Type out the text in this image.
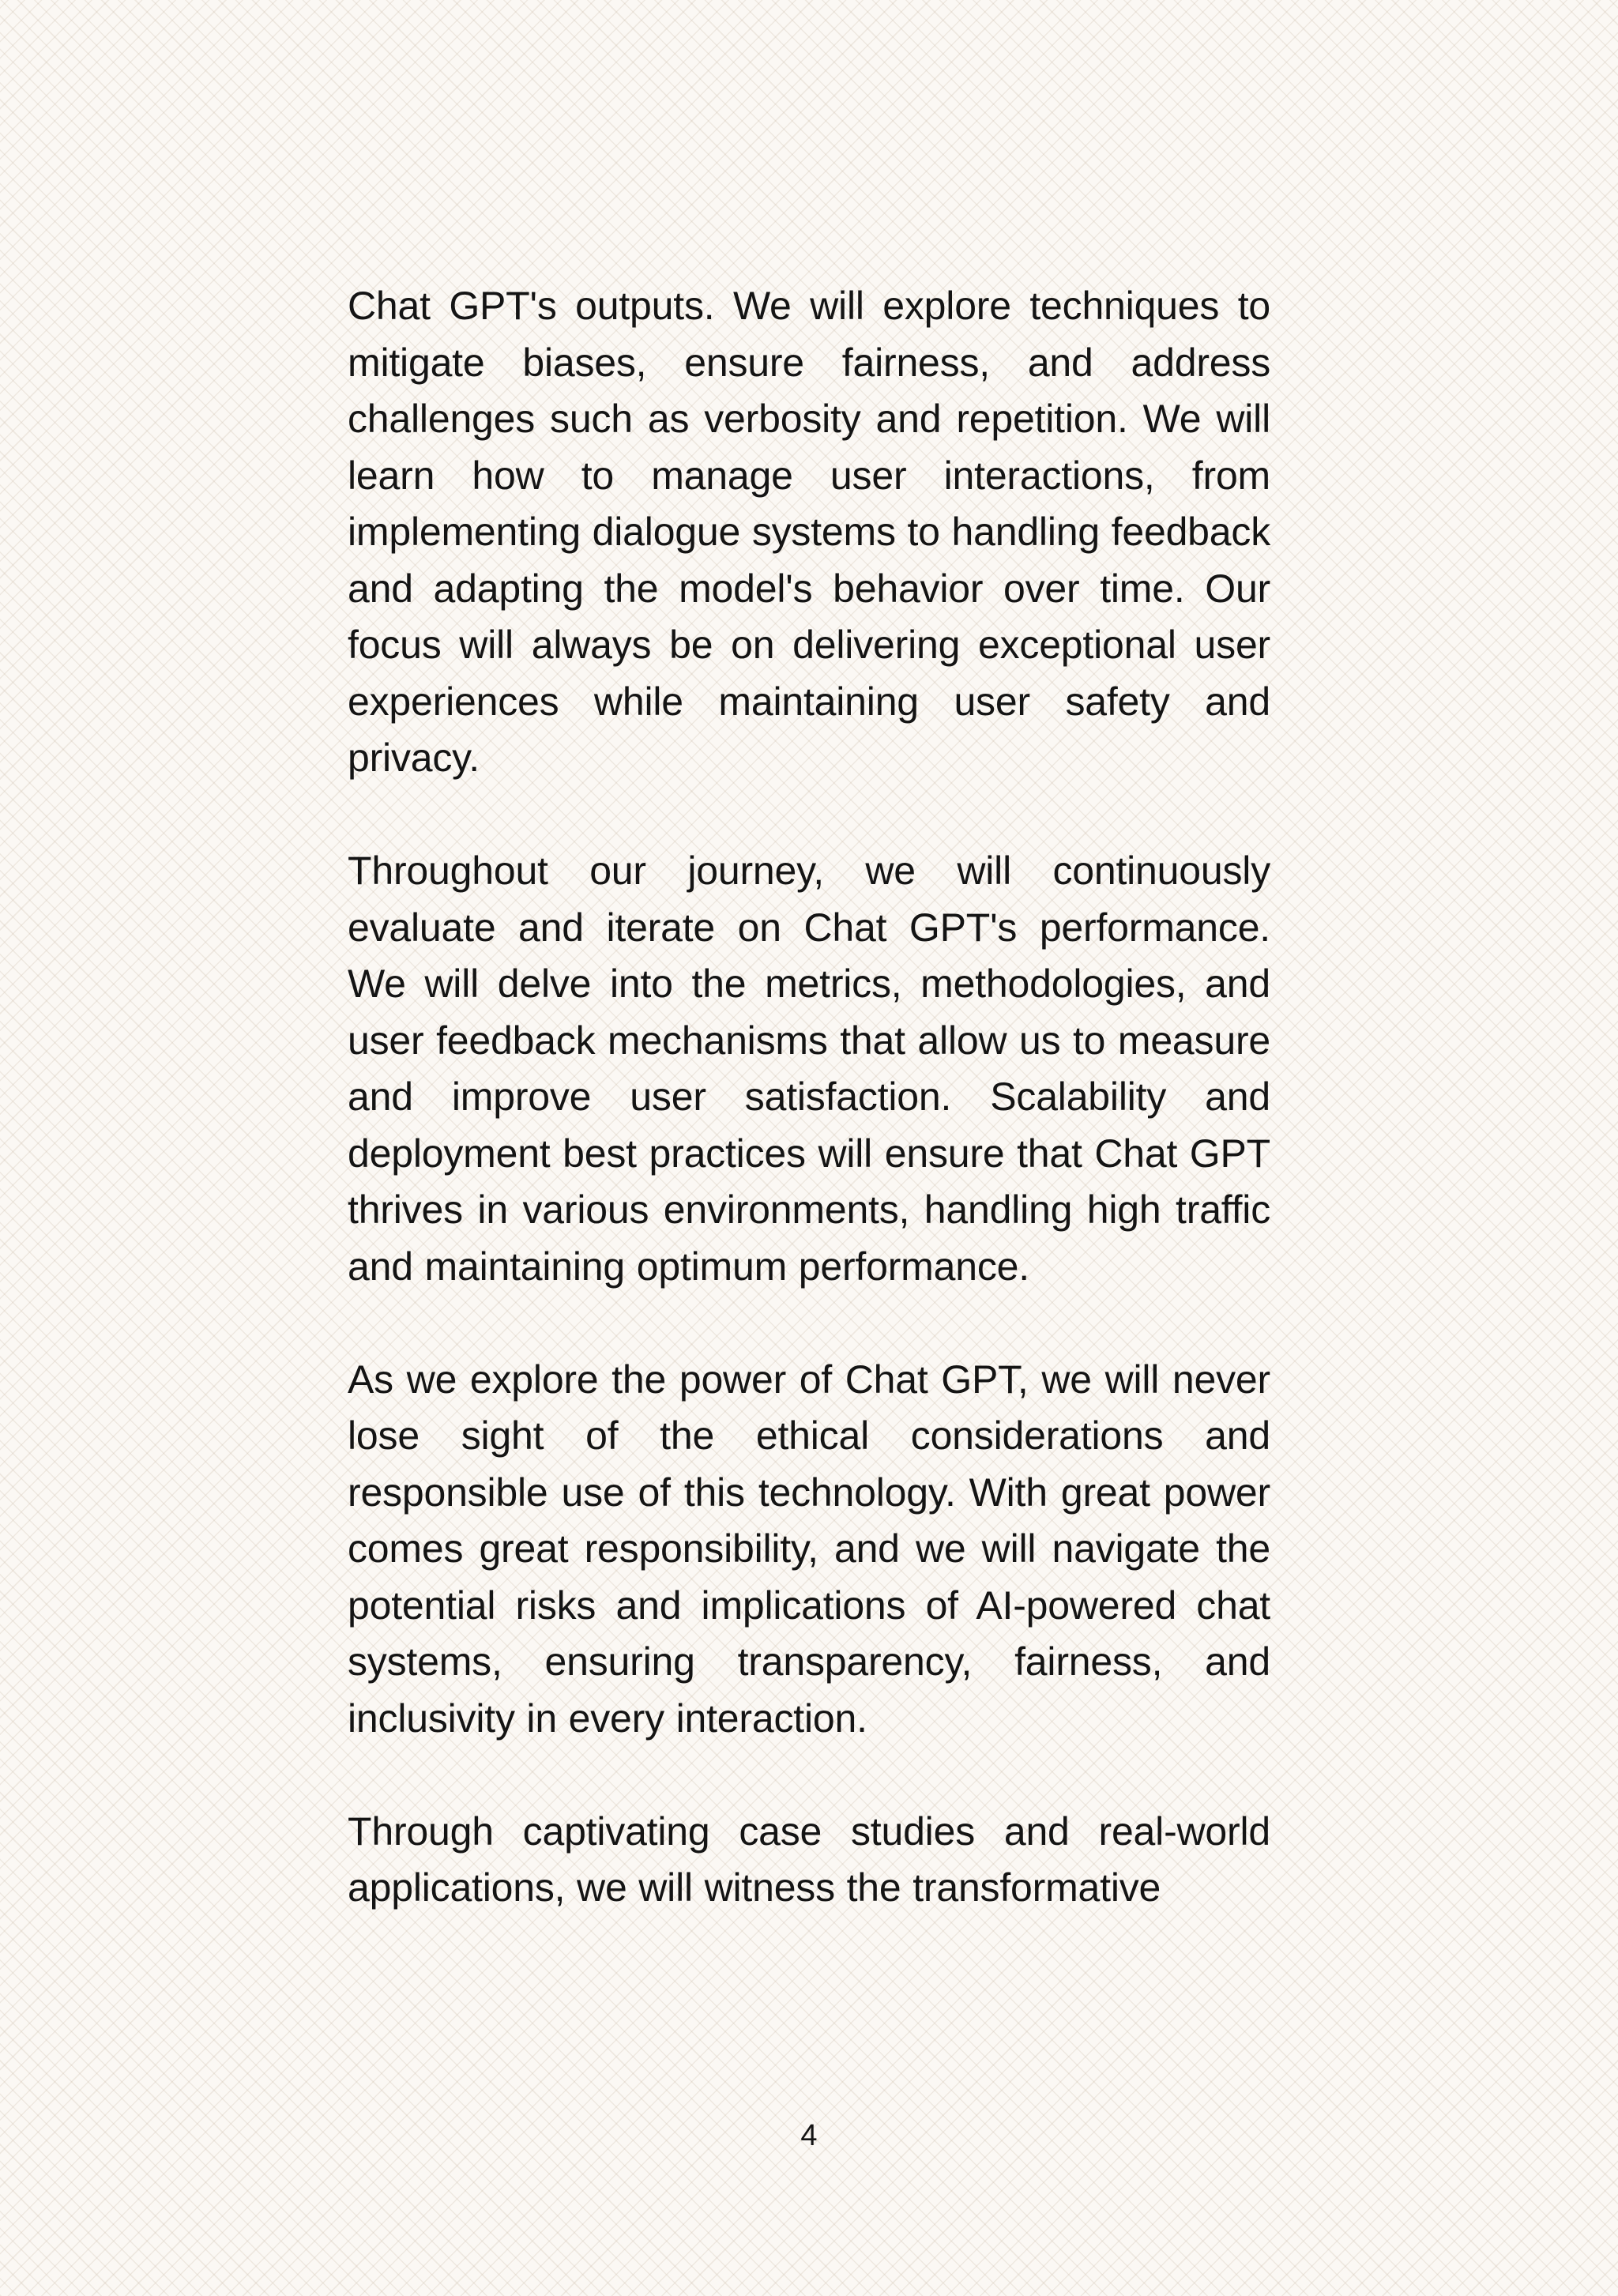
Chat GPT's outputs. We will explore techniques to mitigate biases, ensure fairness, and address challenges such as verbosity and repetition. We will learn how to manage user interactions, from implementing dialogue systems to handling feedback and adapting the model's behavior over time. Our focus will always be on delivering exceptional user experiences while maintaining user safety and privacy.

Throughout our journey, we will continuously evaluate and iterate on Chat GPT's performance. We will delve into the metrics, methodologies, and user feedback mechanisms that allow us to measure and improve user satisfaction. Scalability and deployment best practices will ensure that Chat GPT thrives in various environments, handling high traffic and maintaining optimum performance.

As we explore the power of Chat GPT, we will never lose sight of the ethical considerations and responsible use of this technology. With great power comes great responsibility, and we will navigate the potential risks and implications of AI-powered chat systems, ensuring transparency, fairness, and inclusivity in every interaction.

Through captivating case studies and real-world applications, we will witness the transformative

4
